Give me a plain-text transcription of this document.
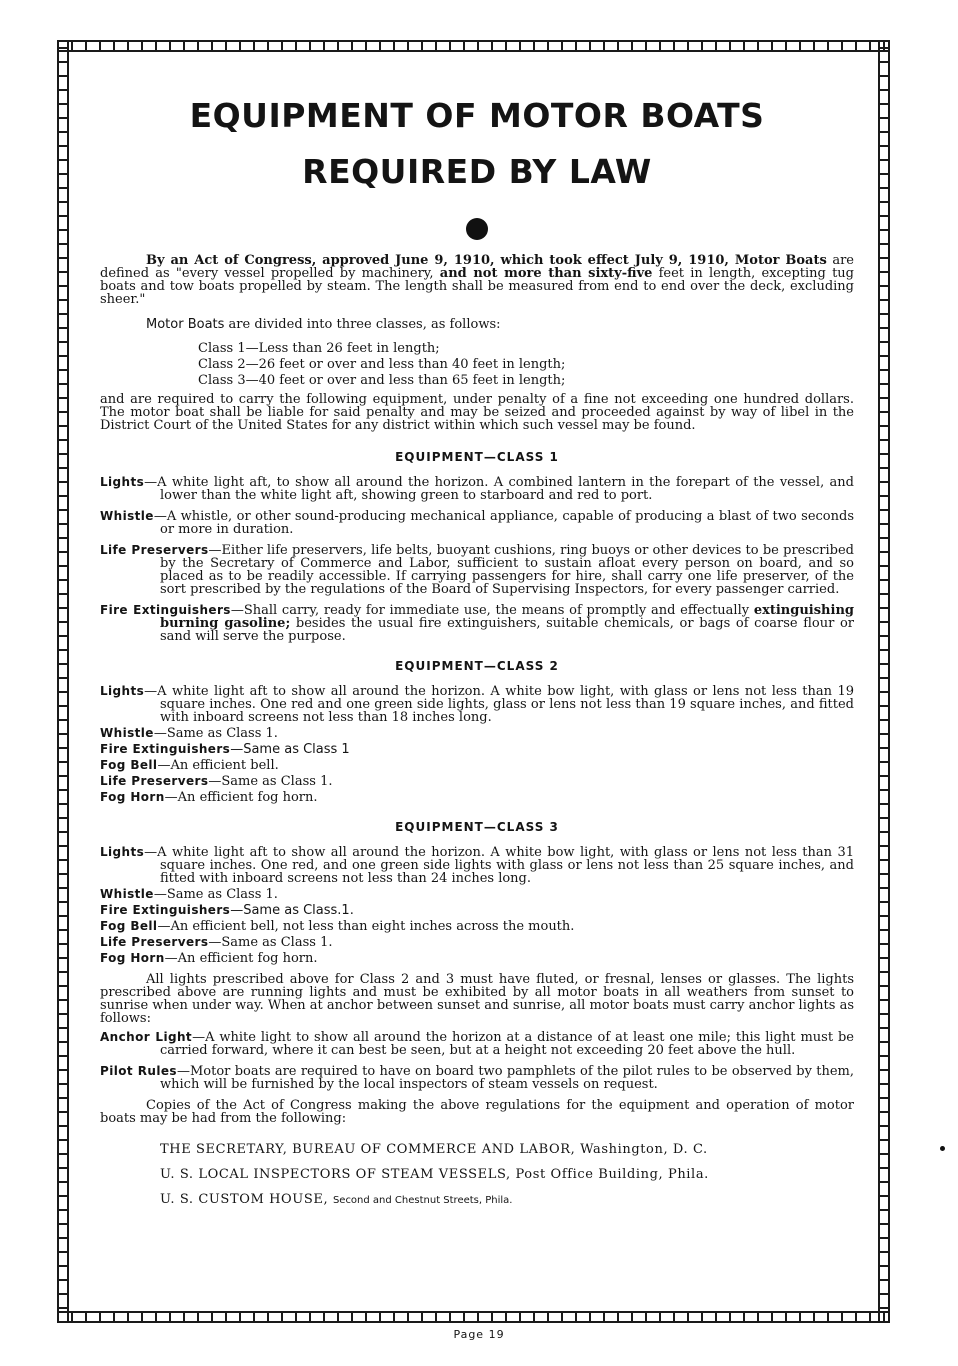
EQUIPMENT OF MOTOR BOATS
REQUIRED BY LAW

By an Act of Congress, approved June 9, 1910, which took effect July 9, 1910, Motor Boats are defined as "every vessel propelled by machinery, and not more than sixty-five feet in length, excepting tug boats and tow boats propelled by steam. The length shall be measured from end to end over the deck, excluding sheer."

Motor Boats are divided into three classes, as follows:

Class 1—Less than 26 feet in length;
Class 2—26 feet or over and less than 40 feet in length;
Class 3—40 feet or over and less than 65 feet in length;

and are required to carry the following equipment, under penalty of a fine not exceeding one hundred dollars. The motor boat shall be liable for said penalty and may be seized and proceeded against by way of libel in the District Court of the United States for any district within which such vessel may be found.

EQUIPMENT—CLASS 1

Lights—A white light aft, to show all around the horizon. A combined lantern in the forepart of the vessel, and lower than the white light aft, showing green to starboard and red to port.

Whistle—A whistle, or other sound-producing mechanical appliance, capable of producing a blast of two seconds or more in duration.

Life Preservers—Either life preservers, life belts, buoyant cushions, ring buoys or other devices to be prescribed by the Secretary of Commerce and Labor, sufficient to sustain afloat every person on board, and so placed as to be readily accessible. If carrying passengers for hire, shall carry one life preserver, of the sort prescribed by the regulations of the Board of Supervising Inspectors, for every passenger carried.

Fire Extinguishers—Shall carry, ready for immediate use, the means of promptly and effectually extinguishing burning gasoline; besides the usual fire extinguishers, suitable chemicals, or bags of coarse flour or sand will serve the purpose.

EQUIPMENT—CLASS 2

Lights—A white light aft to show all around the horizon. A white bow light, with glass or lens not less than 19 square inches. One red and one green side lights, glass or lens not less than 19 square inches, and fitted with inboard screens not less than 18 inches long.

Whistle—Same as Class 1.

Fire Extinguishers—Same as Class 1

Fog Bell—An efficient bell.

Life Preservers—Same as Class 1.

Fog Horn—An efficient fog horn.

EQUIPMENT—CLASS 3

Lights—A white light aft to show all around the horizon. A white bow light, with glass or lens not less than 31 square inches. One red, and one green side lights with glass or lens not less than 25 square inches, and fitted with inboard screens not less than 24 inches long.

Whistle—Same as Class 1.

Fire Extinguishers—Same as Class.1.

Fog Bell—An efficient bell, not less than eight inches across the mouth.

Life Preservers—Same as Class 1.

Fog Horn—An efficient fog horn.

All lights prescribed above for Class 2 and 3 must have fluted, or fresnal, lenses or glasses. The lights prescribed above are running lights and must be exhibited by all motor boats in all weathers from sunset to sunrise when under way. When at anchor between sunset and sunrise, all motor boats must carry anchor lights as follows:

Anchor Light—A white light to show all around the horizon at a distance of at least one mile; this light must be carried forward, where it can best be seen, but at a height not exceeding 20 feet above the hull.

Pilot Rules—Motor boats are required to have on board two pamphlets of the pilot rules to be observed by them, which will be furnished by the local inspectors of steam vessels on request.

Copies of the Act of Congress making the above regulations for the equipment and operation of motor boats may be had from the following:

THE SECRETARY, BUREAU OF COMMERCE AND LABOR, Washington, D. C.
U. S. LOCAL INSPECTORS OF STEAM VESSELS, Post Office Building, Phila.
U. S. CUSTOM HOUSE, Second and Chestnut Streets, Phila.
Page 19
